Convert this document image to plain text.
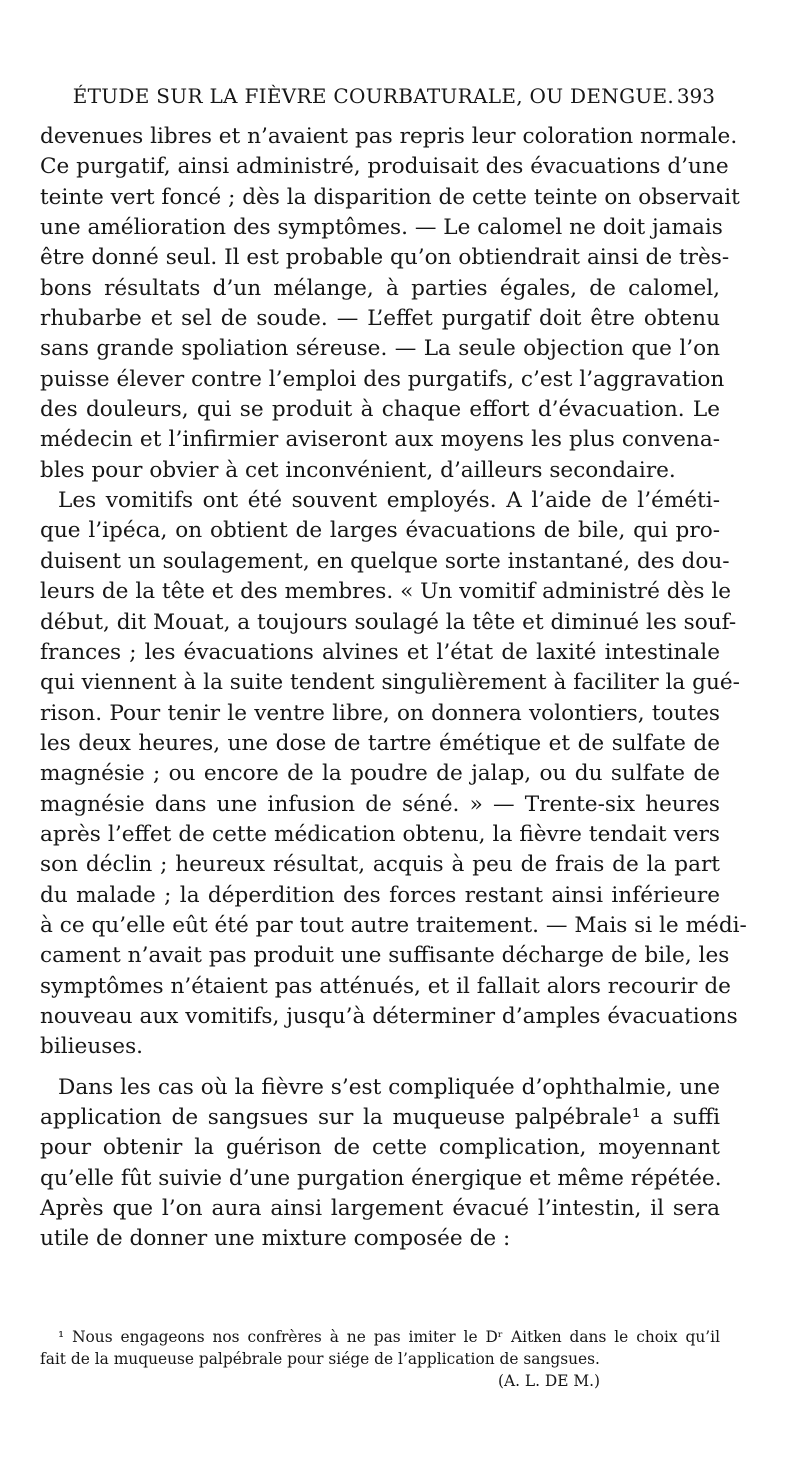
ÉTUDE SUR LA FIÈVRE COURBATURALE, OU DENGUE. 393
devenues libres et n’avaient pas repris leur coloration normale.
Ce purgatif, ainsi administré, produisait des évacuations d’une
teinte vert foncé ; dès la disparition de cette teinte on observait
une amélioration des symptômes. — Le calomel ne doit jamais
être donné seul. Il est probable qu’on obtiendrait ainsi de très-
bons résultats d’un mélange, à parties égales, de calomel,
rhubarbe et sel de soude. — L’effet purgatif doit être obtenu
sans grande spoliation séreuse. — La seule objection que l’on
puisse élever contre l’emploi des purgatifs, c’est l’aggravation
des douleurs, qui se produit à chaque effort d’évacuation. Le
médecin et l’infirmier aviseront aux moyens les plus convena-
bles pour obvier à cet inconvénient, d’ailleurs secondaire.
Les vomitifs ont été souvent employés. A l’aide de l’éméti-
que l’ipéca, on obtient de larges évacuations de bile, qui pro-
duisent un soulagement, en quelque sorte instantané, des dou-
leurs de la tête et des membres. « Un vomitif administré dès le
début, dit Mouat, a toujours soulagé la tête et diminué les souf-
frances ; les évacuations alvines et l’état de laxité intestinale
qui viennent à la suite tendent singulièrement à faciliter la gué-
rison. Pour tenir le ventre libre, on donnera volontiers, toutes
les deux heures, une dose de tartre émétique et de sulfate de
magnésie ; ou encore de la poudre de jalap, ou du sulfate de
magnésie dans une infusion de séné. » — Trente-six heures
après l’effet de cette médication obtenu, la fièvre tendait vers
son déclin ; heureux résultat, acquis à peu de frais de la part
du malade ; la déperdition des forces restant ainsi inférieure
à ce qu’elle eût été par tout autre traitement. — Mais si le médi-
cament n’avait pas produit une suffisante décharge de bile, les
symptômes n’étaient pas atténués, et il fallait alors recourir de
nouveau aux vomitifs, jusqu’à déterminer d’amples évacuations
bilieuses.
Dans les cas où la fièvre s’est compliquée d’ophthalmie, une
application de sangsues sur la muqueuse palpébrale¹ a suffi
pour obtenir la guérison de cette complication, moyennant
qu’elle fût suivie d’une purgation énergique et même répétée.
Après que l’on aura ainsi largement évacué l’intestin, il sera
utile de donner une mixture composée de :
¹ Nous engageons nos confrères à ne pas imiter le Dʳ Aitken dans le choix qu’il
fait de la muqueuse palpébrale pour siége de l’application de sangsues.
(A. L. DE M.)
